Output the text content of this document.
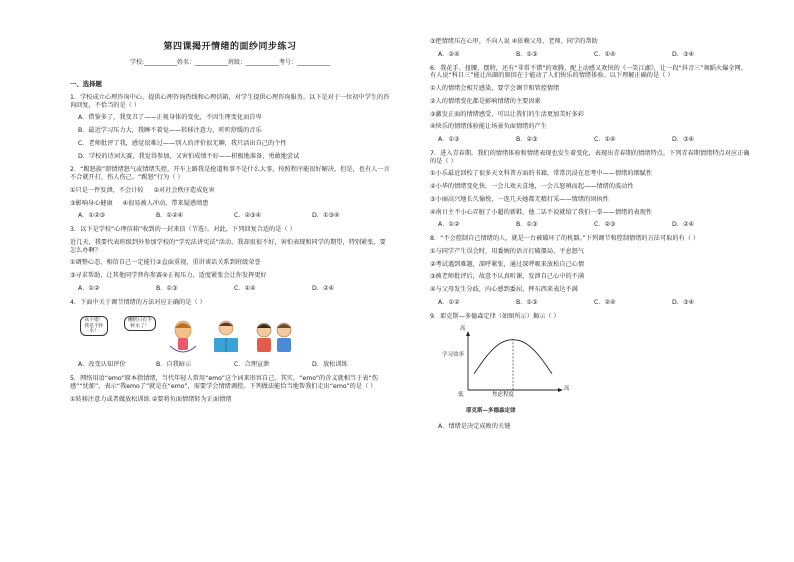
第四课揭开情绪的面纱同步练习

学校:___________姓名：___________班级：___________考号：___________

一、选择题

1．学校成立心理咨询中心，提供心理咨询热线和心理信箱，对学生提供心理咨询服务。以下是对于一位初中学生的咨询回复，不恰当的是（ ）

A．借鉴多了，我变丑了——正视身体的变化，不因生理变化而自卑

B．最近学习压力大，我睡不着觉——转移注意力，听听舒缓的音乐

C．老师批评了我，感觉很难过——别人的评价很无聊，我只活出自己的个性

D．学校的诗词大赛，我觉得参加，又害怕成绩不好——积极地准备，勇敢地尝试

2．“踢怒族”即情绪怒气或情绪失控，开车上路我是抢道和事不是什么大事，按照程序能很好解决，但是，也有人一言不合就开打，伤人伤己。“踢怒”行为（ ）

①只是一件发泄，不会计较 ②对社会秩序造成危害

③影响身心健康 ④很易被人冲动，带来疑惑绩患

A．①②③	B．①②④	C．②③④	D．①③④

3．以下是学校“心理信箱”收到的一封来信（节选）。对此，下列回复合适的是（ ）

近几天，我要代表班级到外参加学校的“学宪法讲宪法”活动，我却很很不好，害怕表现和同学的期望，特别紧张，要怎么办啊？

①调整心态，相信自己一定能行②直面重视，重讲谈话关系到班级荣誉

③寻求帮助，让其他同学替你参赛④正视压力，适度紧张会让你发挥更好

A．①②	B．①③	C．①④	D．②④

4．下面中关于调节情绪的方法对应正确的是（ ）

真不错！我是不怀水！
糟糕只有半杯水了！
A．改变认知评价	B．自我暗示	C．合理宣泄	D．放松训练

5．网络用语“emo”原本指情绪，当代年轻人常用“emo”这个词来形容自己。其实，“emo”的含义就相当于表“伤感”“忧郁”，表示“我emo了”就是在“emo”，需要学会情绪调控。下列做法能恰当地帮我们走出“emo”的是（ ）

①转移注意力或者做放松训练 ②要将负面情绪转为正面情绪

③把情绪压在心里，不向人说 ④依赖父母、老师、同学的帮助

A．②④	B．①③	C．①④	D．③④

6．我花手、扭腰、摆胯，还有“非常不错”的欢腾，配上动感又欢快的《一笑江湖》，让一段“抖音三”舞蹈火爆全网。有人说“科目三”能让出圈的原因在于能动了人们快乐的情绪体验。以下理解正确的是（ ）

①人的情绪会相互感染，要学会调节和管控情绪

②人的情绪变化都是影响情绪的主要因素

③激发正面的情绪感受，可以让我们的生活更加美好多彩

④快乐的情绪体验能让场景负面情绪的产生

A．①③	B．②③	C．①④	D．③④

7．进入青春期，我们的情绪体验和情绪表现也发生着变化，表现出青春期的情绪特点。下列青春期情绪特点对应正确的是（ ）

①小乐最近回校了很多天文科普方面的书籍，常常沉浸在思考中——情绪的细腻性

②小华的情绪变化快，一会儿欢天喜地，一会儿怒嗔而起——情绪的波动性

③小丽高兴地长久愉悦，一连几天她都无精打采——情绪的固执性

④南日主不小心弄脏了小超的新鞋，他二话不说就给了我们一拳——情绪的表现性

A．①②	B．①③	C．②③	D．②④

8．“不会控制自己情绪的人，就是一台被破坏了的机器。”下列调节和控制情绪的方法可取的有（ ）

①与同学产生误会时，用委婉的语言打破僵局，平息怒气

②考试遇到难题，深呼紧张，通过深呼吸来放松自己心情

③被老师批评后，故意不认真听课，发泄自己心中的不满

④与父母发生分歧，内心感到委屈，摔东西来表达不满

A．①②	B．①③	C．②④	D．③④

9．耶克斯—多德森定律（如图所示）揭示（ ）

高
学习效率
低	焦虑程度
高

耶克斯—多德森定律

A．情绪是决定成败的关键
